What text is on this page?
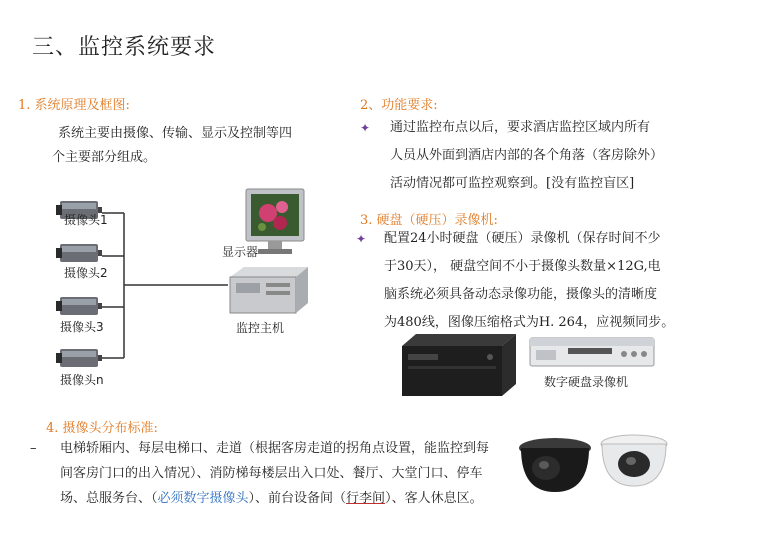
三、监控系统要求
1. 系统原理及框图:
系统主要由摄像、传输、显示及控制等四
个主要部分组成。
摄像头1
摄像头2
摄像头3
摄像头n
显示器
监控主机
2、功能要求:
✦ 通过监控布点以后，要求酒店监控区域内所有
人员从外面到酒店内部的各个角落（客房除外）
活动情况都可监控观察到。[没有监控盲区]
3. 硬盘（硬压）录像机:
✦ 配置24小时硬盘（硬压）录像机（保存时间不少
于30天）， 硬盘空间不小于摄像头数量×12G,电
脑系统必须具备动态录像功能，摄像头的清晰度
为480线，图像压缩格式为H. 264，应视频同步。
数字硬盘录像机
4. 摄像头分布标准:
– 电梯轿厢内、每层电梯口、走道（根据客房走道的拐角点设置，能监控到每
间客房门口的出入情况）、消防梯每楼层出入口处、餐厅、大堂门口、停车
场、总服务台、（必须数字摄像头）、前台设备间（行李间）、客人休息区。
